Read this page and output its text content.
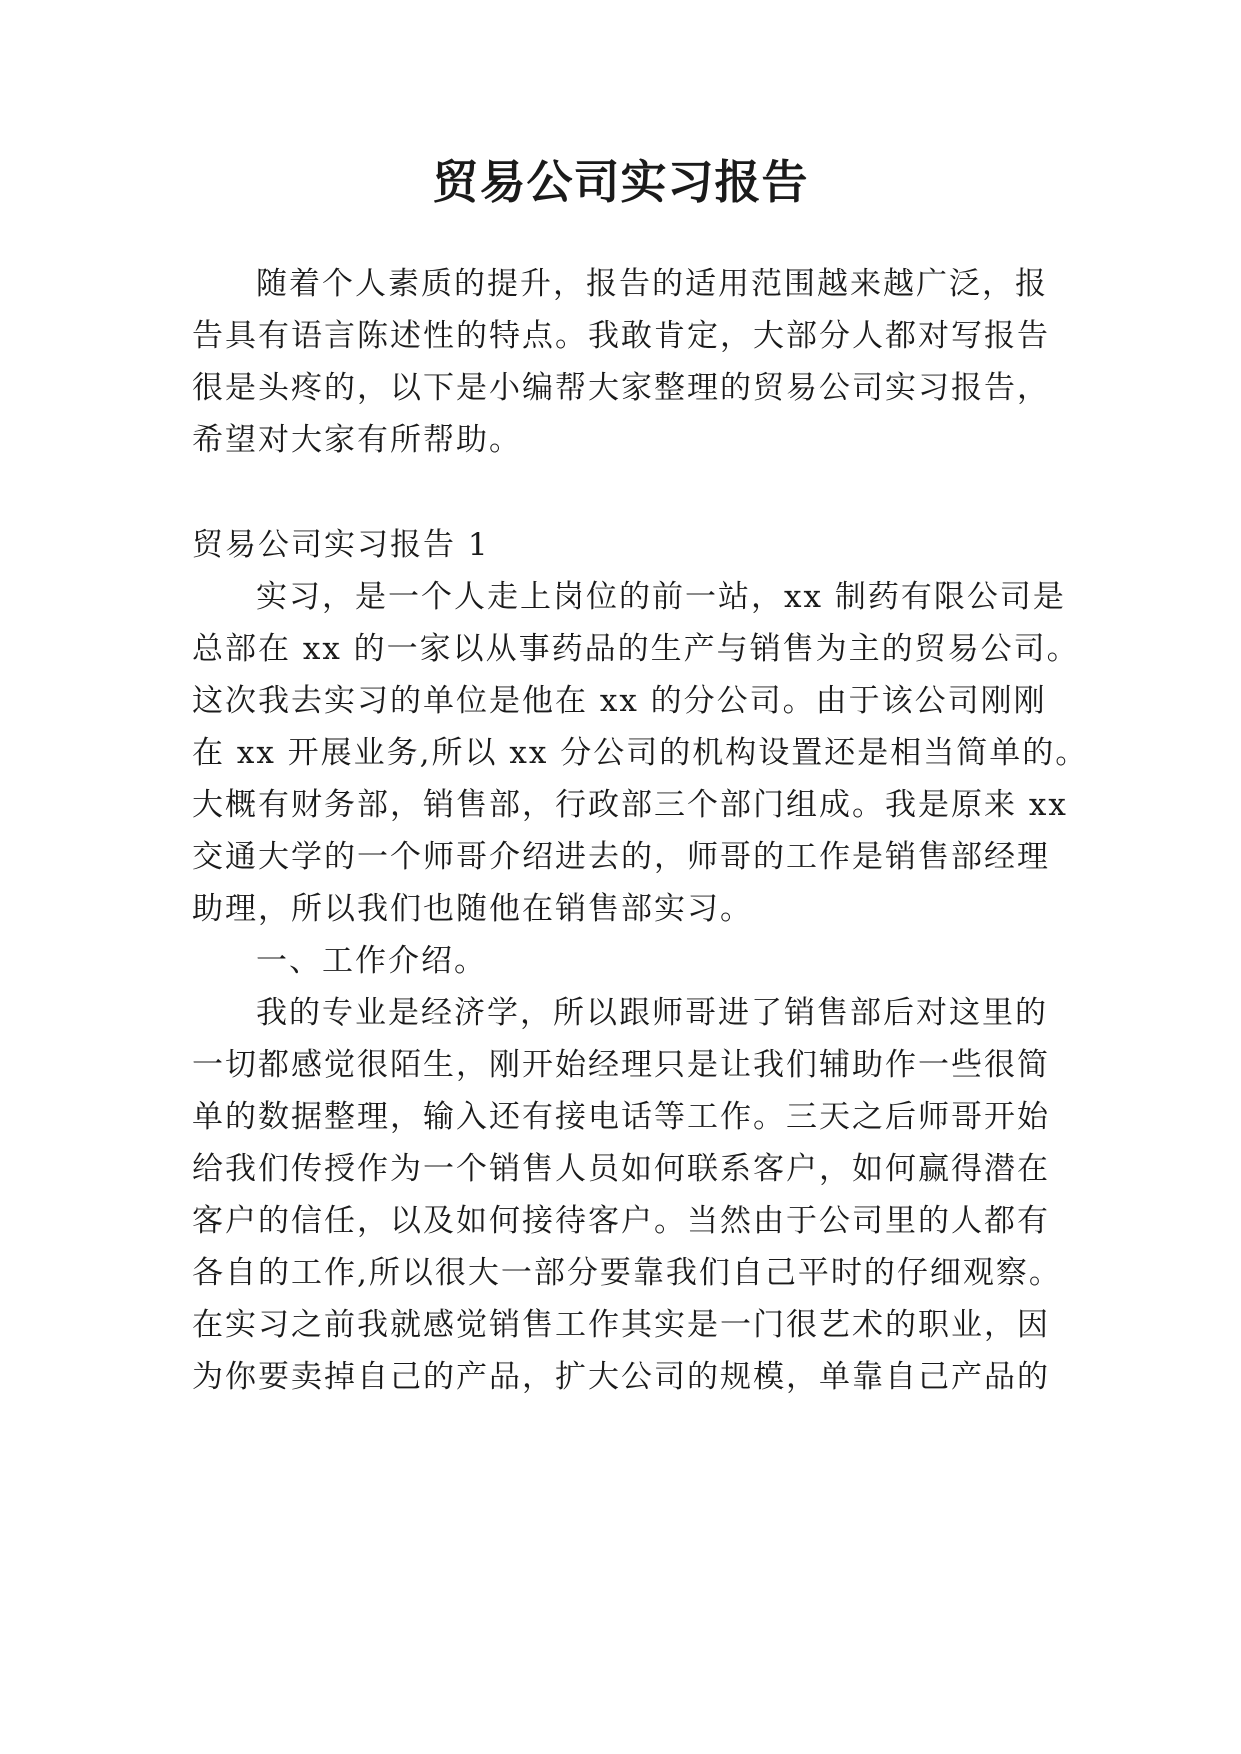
贸易公司实习报告
随着个人素质的提升，报告的适用范围越来越广泛，报
告具有语言陈述性的特点。我敢肯定，大部分人都对写报告
很是头疼的，以下是小编帮大家整理的贸易公司实习报告，
希望对大家有所帮助。
贸易公司实习报告 1
实习，是一个人走上岗位的前一站，xx 制药有限公司是
总部在 xx 的一家以从事药品的生产与销售为主的贸易公司。
这次我去实习的单位是他在 xx 的分公司。由于该公司刚刚
在 xx 开展业务,所以 xx 分公司的机构设置还是相当简单的。
大概有财务部，销售部，行政部三个部门组成。我是原来 xx
交通大学的一个师哥介绍进去的，师哥的工作是销售部经理
助理，所以我们也随他在销售部实习。
一、工作介绍。
我的专业是经济学，所以跟师哥进了销售部后对这里的
一切都感觉很陌生，刚开始经理只是让我们辅助作一些很简
单的数据整理，输入还有接电话等工作。三天之后师哥开始
给我们传授作为一个销售人员如何联系客户，如何赢得潜在
客户的信任，以及如何接待客户。当然由于公司里的人都有
各自的工作,所以很大一部分要靠我们自己平时的仔细观察。
在实习之前我就感觉销售工作其实是一门很艺术的职业，因
为你要卖掉自己的产品，扩大公司的规模，单靠自己产品的
